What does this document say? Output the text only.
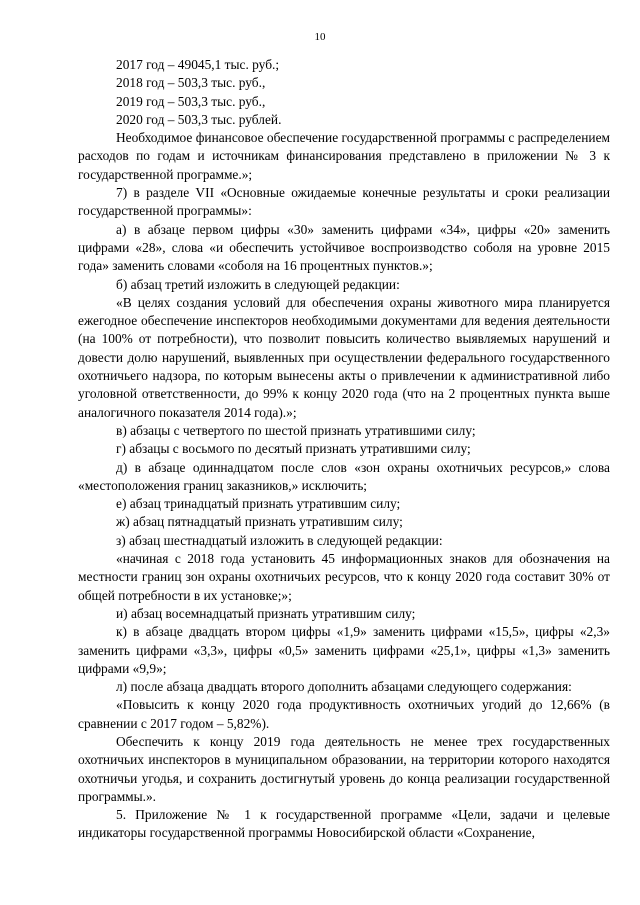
10

2017 год – 49045,1 тыс. руб.;

2018 год – 503,3 тыс. руб.,

2019 год – 503,3 тыс. руб.,

2020 год – 503,3 тыс. рублей.

Необходимое финансовое обеспечение государственной программы с распределением расходов по годам и источникам финансирования представлено в приложении № 3 к государственной программе.»;

7) в разделе VII «Основные ожидаемые конечные результаты и сроки реализации государственной программы»:

а) в абзаце первом цифры «30» заменить цифрами «34», цифры «20» заменить цифрами «28», слова «и обеспечить устойчивое воспроизводство соболя на уровне 2015 года» заменить словами «соболя на 16 процентных пунктов.»;

б) абзац третий изложить в следующей редакции:

«В целях создания условий для обеспечения охраны животного мира планируется ежегодное обеспечение инспекторов необходимыми документами для ведения деятельности (на 100% от потребности), что позволит повысить количество выявляемых нарушений и довести долю нарушений, выявленных при осуществлении федерального государственного охотничьего надзора, по которым вынесены акты о привлечении к административной либо уголовной ответственности, до 99% к концу 2020 года (что на 2 процентных пункта выше аналогичного показателя 2014 года).»;

в) абзацы с четвертого по шестой признать утратившими силу;

г) абзацы с восьмого по десятый признать утратившими силу;

д) в абзаце одиннадцатом после слов «зон охраны охотничьих ресурсов,» слова «местоположения границ заказников,» исключить;

е) абзац тринадцатый признать утратившим силу;

ж) абзац пятнадцатый признать утратившим силу;

з) абзац шестнадцатый изложить в следующей редакции:

«начиная с 2018 года установить 45 информационных знаков для обозначения на местности границ зон охраны охотничьих ресурсов, что к концу 2020 года составит 30% от общей потребности в их установке;»;

и) абзац восемнадцатый признать утратившим силу;

к) в абзаце двадцать втором цифры «1,9» заменить цифрами «15,5», цифры «2,3» заменить цифрами «3,3», цифры «0,5» заменить цифрами «25,1», цифры «1,3» заменить цифрами «9,9»;

л) после абзаца двадцать второго дополнить абзацами следующего содержания:

«Повысить к концу 2020 года продуктивность охотничьих угодий до 12,66% (в сравнении с 2017 годом – 5,82%).

Обеспечить к концу 2019 года деятельность не менее трех государственных охотничьих инспекторов в муниципальном образовании, на территории которого находятся охотничьи угодья, и сохранить достигнутый уровень до конца реализации государственной программы.».

5. Приложение № 1 к государственной программе «Цели, задачи и целевые индикаторы государственной программы Новосибирской области «Сохранение,
